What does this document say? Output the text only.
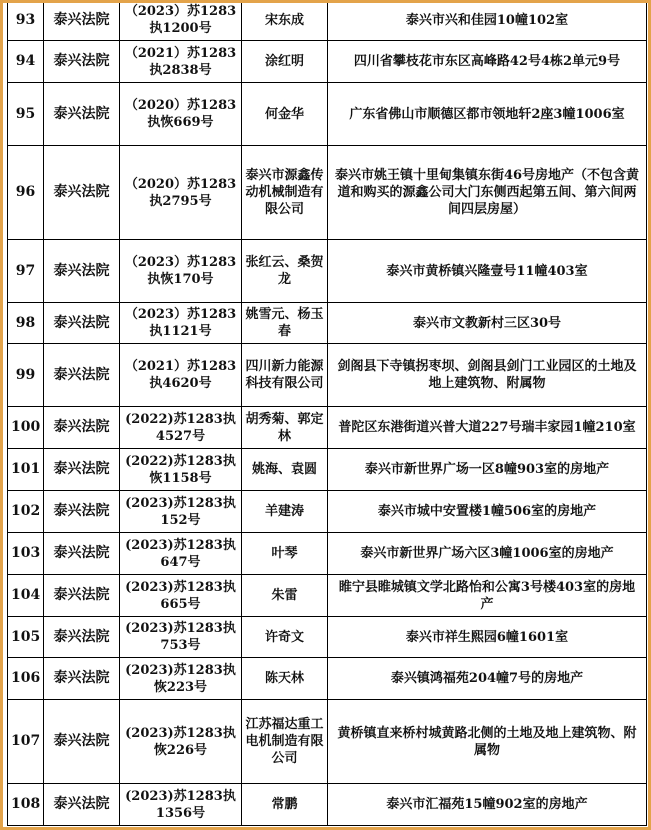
93	泰兴法院	（2023）苏1283执1200号	宋东成	泰兴市兴和佳园10幢102室
94	泰兴法院	（2021）苏1283执2838号	涂红明	四川省攀枝花市东区高峰路42号4栋2单元9号
95	泰兴法院	（2020）苏1283执恢669号	何金华	广东省佛山市顺德区都市领地轩2座3幢1006室
96	泰兴法院	（2020）苏1283执2795号	泰兴市源鑫传动机械制造有限公司	泰兴市姚王镇十里甸集镇东街46号房地产（不包含黄道和购买的源鑫公司大门东侧西起第五间、第六间两间四层房屋）
97	泰兴法院	（2023）苏1283执恢170号	张红云、桑贺龙	泰兴市黄桥镇兴隆壹号11幢403室
98	泰兴法院	（2023）苏1283执1121号	姚雪元、杨玉春	泰兴市文教新村三区30号
99	泰兴法院	（2021）苏1283执4620号	四川新力能源科技有限公司	剑阁县下寺镇拐枣坝、剑阁县剑门工业园区的土地及地上建筑物、附属物
100	泰兴法院	(2022)苏1283执4527号	胡秀菊、郭定林	普陀区东港街道兴普大道227号瑞丰家园1幢210室
101	泰兴法院	(2022)苏1283执恢1158号	姚海、袁圆	泰兴市新世界广场一区8幢903室的房地产
102	泰兴法院	(2023)苏1283执152号	羊建涛	泰兴市城中安置楼1幢506室的房地产
103	泰兴法院	(2023)苏1283执647号	叶琴	泰兴市新世界广场六区3幢1006室的房地产
104	泰兴法院	(2023)苏1283执665号	朱雷	睢宁县睢城镇文学北路怡和公寓3号楼403室的房地产
105	泰兴法院	(2023)苏1283执753号	许奇文	泰兴市祥生熙园6幢1601室
106	泰兴法院	(2023)苏1283执恢223号	陈天林	泰兴镇鸿福苑204幢7号的房地产
107	泰兴法院	(2023)苏1283执恢226号	江苏福达重工电机制造有限公司	黄桥镇直来桥村城黄路北侧的土地及地上建筑物、附属物
108	泰兴法院	(2023)苏1283执1356号	常鹏	泰兴市汇福苑15幢902室的房地产
